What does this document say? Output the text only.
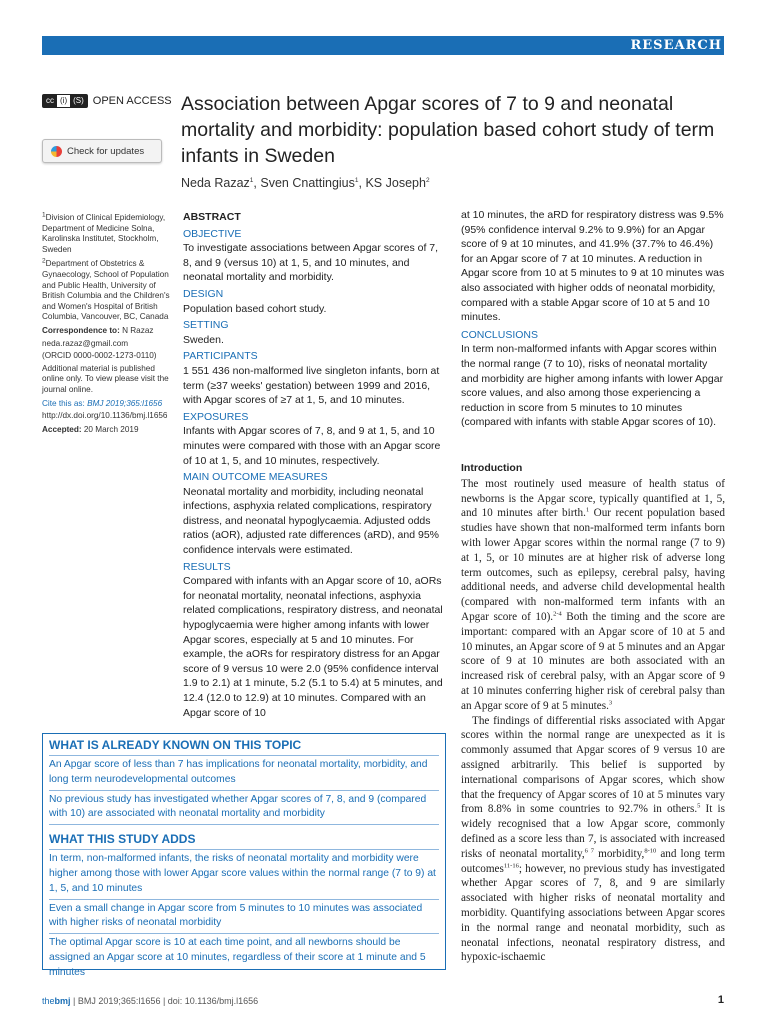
RESEARCH
cc (i) (S) OPEN ACCESS
Check for updates
Association between Apgar scores of 7 to 9 and neonatal mortality and morbidity: population based cohort study of term infants in Sweden
Neda Razaz$^1$, Sven Cnattingius$^1$, KS Joseph$^2$

$^1$Division of Clinical Epidemiology, Department of Medicine Solna, Karolinska Institutet, Stockholm, Sweden

$^2$Department of Obstetrics & Gynaecology, School of Population and Public Health, University of British Columbia and the Children's and Women's Hospital of British Columbia, Vancouver, BC, Canada

Correspondence to: N Razaz

neda.razaz@gmail.com

(ORCID 0000-0002-1273-0110)

Additional material is published online only. To view please visit the journal online.

Cite this as: BMJ 2019;365:l1656

http://dx.doi.org/10.1136/bmj.l1656

Accepted: 20 March 2019

ABSTRACT
OBJECTIVE

To investigate associations between Apgar scores of 7, 8, and 9 (versus 10) at 1, 5, and 10 minutes, and neonatal mortality and morbidity.

DESIGN

Population based cohort study.

SETTING

Sweden.

PARTICIPANTS

1 551 436 non-malformed live singleton infants, born at term (≥37 weeks' gestation) between 1999 and 2016, with Apgar scores of ≥7 at 1, 5, and 10 minutes.

EXPOSURES

Infants with Apgar scores of 7, 8, and 9 at 1, 5, and 10 minutes were compared with those with an Apgar score of 10 at 1, 5, and 10 minutes, respectively.

MAIN OUTCOME MEASURES

Neonatal mortality and morbidity, including neonatal infections, asphyxia related complications, respiratory distress, and neonatal hypoglycaemia. Adjusted odds ratios (aOR), adjusted rate differences (aRD), and 95% confidence intervals were estimated.

RESULTS

Compared with infants with an Apgar score of 10, aORs for neonatal mortality, neonatal infections, asphyxia related complications, respiratory distress, and neonatal hypoglycaemia were higher among infants with lower Apgar scores, especially at 5 and 10 minutes. For example, the aORs for respiratory distress for an Apgar score of 9 versus 10 were 2.0 (95% confidence interval 1.9 to 2.1) at 1 minute, 5.2 (5.1 to 5.4) at 5 minutes, and 12.4 (12.0 to 12.9) at 10 minutes. Compared with an Apgar score of 10

at 10 minutes, the aRD for respiratory distress was 9.5% (95% confidence interval 9.2% to 9.9%) for an Apgar score of 9 at 10 minutes, and 41.9% (37.7% to 46.4%) for an Apgar score of 7 at 10 minutes. A reduction in Apgar score from 10 at 5 minutes to 9 at 10 minutes was also associated with higher odds of neonatal morbidity, compared with a stable Apgar score of 10 at 5 and 10 minutes.

CONCLUSIONS

In term non-malformed infants with Apgar scores within the normal range (7 to 10), risks of neonatal mortality and morbidity are higher among infants with lower Apgar score values, and also among those experiencing a reduction in score from 5 minutes to 10 minutes (compared with infants with stable Apgar scores of 10).

Introduction

The most routinely used measure of health status of newborns is the Apgar score, typically quantified at 1, 5, and 10 minutes after birth.$^1$ Our recent population based studies have shown that non-malformed term infants born with lower Apgar scores within the normal range (7 to 9) at 1, 5, or 10 minutes are at higher risk of adverse long term outcomes, such as epilepsy, cerebral palsy, having additional needs, and adverse child developmental health (compared with non-malformed term infants with an Apgar score of 10).$^{2-4}$ Both the timing and the score are important: compared with an Apgar score of 10 at 5 and 10 minutes, an Apgar score of 9 at 5 minutes and an Apgar score of 9 at 10 minutes are both associated with an increased risk of cerebral palsy, with an Apgar score of 9 at 10 minutes conferring higher risk of cerebral palsy than an Apgar score of 9 at 5 minutes.$^3$

The findings of differential risks associated with Apgar scores within the normal range are unexpected as it is commonly assumed that Apgar scores of 9 versus 10 are assigned arbitrarily. This belief is supported by international comparisons of Apgar scores, which show that the frequency of Apgar scores of 10 at 5 minutes vary from 8.8% in some countries to 92.7% in others.$^5$ It is widely recognised that a low Apgar score, commonly defined as a score less than 7, is associated with increased risks of neonatal mortality,$^{6 7}$ morbidity,$^{8-10}$ and long term outcomes$^{11-16}$; however, no previous study has investigated whether Apgar scores of 7, 8, and 9 are similarly associated with higher risks of neonatal mortality and morbidity. Quantifying associations between Apgar scores in the normal range and neonatal morbidity, such as neonatal infections, neonatal respiratory distress, and hypoxic-ischaemic

WHAT IS ALREADY KNOWN ON THIS TOPIC
An Apgar score of less than 7 has implications for neonatal mortality, morbidity, and long term neurodevelopmental outcomes
No previous study has investigated whether Apgar scores of 7, 8, and 9 (compared with 10) are associated with neonatal mortality and morbidity
WHAT THIS STUDY ADDS
In term, non-malformed infants, the risks of neonatal mortality and morbidity were higher among those with lower Apgar score values within the normal range (7 to 9) at 1, 5, and 10 minutes
Even a small change in Apgar score from 5 minutes to 10 minutes was associated with higher risks of neonatal morbidity
The optimal Apgar score is 10 at each time point, and all newborns should be assigned an Apgar score at 10 minutes, regardless of their score at 1 minute and 5 minutes
thebmj | BMJ 2019;365:l1656 | doi: 10.1136/bmj.l1656	1
